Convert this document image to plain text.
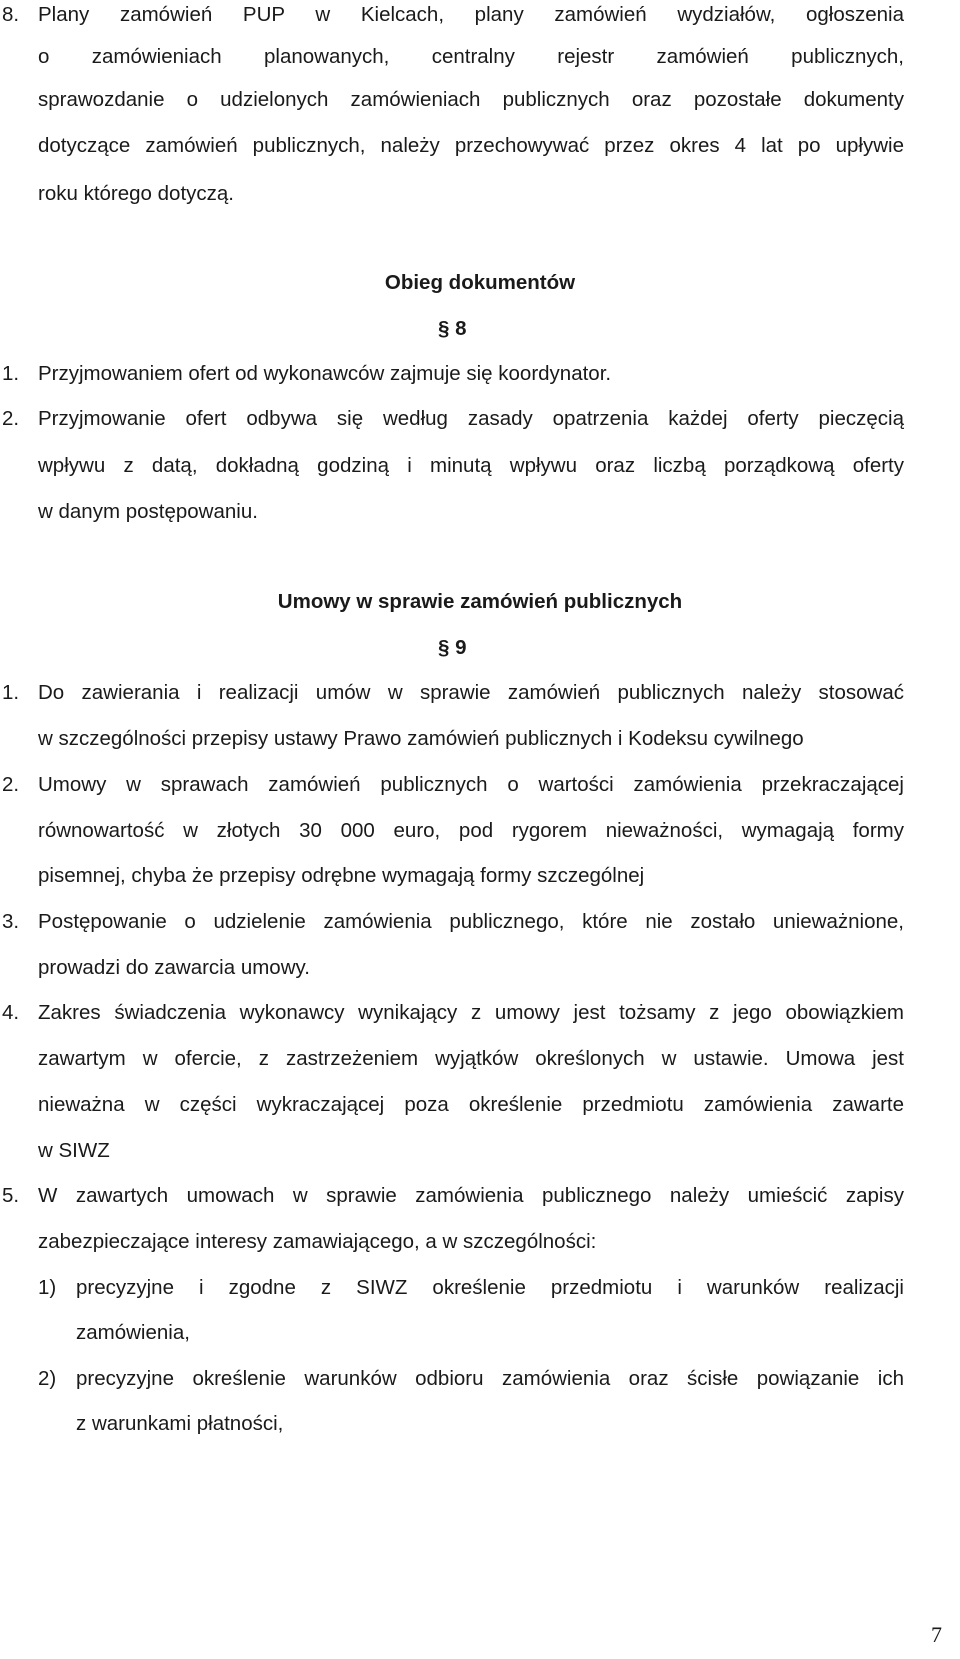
8. Plany zamówień PUP w Kielcach, plany zamówień wydziałów, ogłoszenia
o zamówieniach planowanych, centralny rejestr zamówień publicznych,
sprawozdanie o udzielonych zamówieniach publicznych oraz pozostałe dokumenty
dotyczące zamówień publicznych, należy przechowywać przez okres 4 lat po upływie
roku którego dotyczą.
Obieg dokumentów
§ 8
1. Przyjmowaniem ofert od wykonawców zajmuje się koordynator.
2. Przyjmowanie ofert odbywa się według zasady opatrzenia każdej oferty pieczęcią
wpływu z datą, dokładną godziną i minutą wpływu oraz liczbą porządkową oferty
w danym postępowaniu.
Umowy w sprawie zamówień publicznych
§ 9
1. Do zawierania i realizacji umów w sprawie zamówień publicznych należy stosować
w szczególności przepisy ustawy Prawo zamówień publicznych i Kodeksu cywilnego
2. Umowy w sprawach zamówień publicznych o wartości zamówienia przekraczającej
równowartość w złotych 30 000 euro, pod rygorem nieważności, wymagają formy
pisemnej, chyba że przepisy odrębne wymagają formy szczególnej
3. Postępowanie o udzielenie zamówienia publicznego, które nie zostało unieważnione,
prowadzi do zawarcia umowy.
4. Zakres świadczenia wykonawcy wynikający z umowy jest tożsamy z jego obowiązkiem
zawartym w ofercie, z zastrzeżeniem wyjątków określonych w ustawie. Umowa jest
nieważna w części wykraczającej poza określenie przedmiotu zamówienia zawarte
w SIWZ
5. W zawartych umowach w sprawie zamówienia publicznego należy umieścić zapisy
zabezpieczające interesy zamawiającego, a w szczególności:
1) precyzyjne i zgodne z SIWZ określenie przedmiotu i warunków realizacji
zamówienia,
2) precyzyjne określenie warunków odbioru zamówienia oraz ścisłe powiązanie ich
z warunkami płatności,
7
